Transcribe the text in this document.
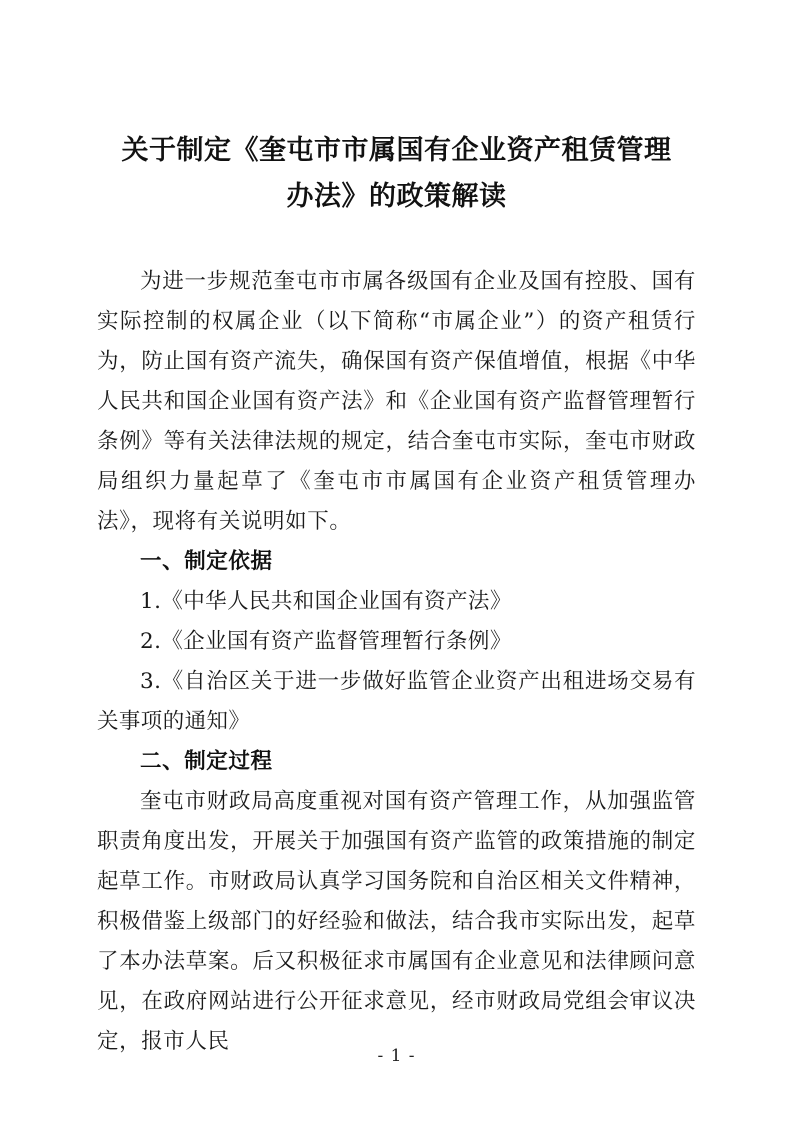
关于制定《奎屯市市属国有企业资产租赁管理
办法》的政策解读

为进一步规范奎屯市市属各级国有企业及国有控股、国有实际控制的权属企业（以下简称“市属企业”）的资产租赁行为，防止国有资产流失，确保国有资产保值增值，根据《中华人民共和国企业国有资产法》和《企业国有资产监督管理暂行条例》等有关法律法规的规定，结合奎屯市实际，奎屯市财政局组织力量起草了《奎屯市市属国有企业资产租赁管理办法》，现将有关说明如下。

一、制定依据

1.《中华人民共和国企业国有资产法》

2.《企业国有资产监督管理暂行条例》

3.《自治区关于进一步做好监管企业资产出租进场交易有关事项的通知》

二、制定过程

奎屯市财政局高度重视对国有资产管理工作，从加强监管职责角度出发，开展关于加强国有资产监管的政策措施的制定起草工作。市财政局认真学习国务院和自治区相关文件精神，积极借鉴上级部门的好经验和做法，结合我市实际出发，起草了本办法草案。后又积极征求市属国有企业意见和法律顾问意见，在政府网站进行公开征求意见，经市财政局党组会审议决定，报市人民

- 1 -
